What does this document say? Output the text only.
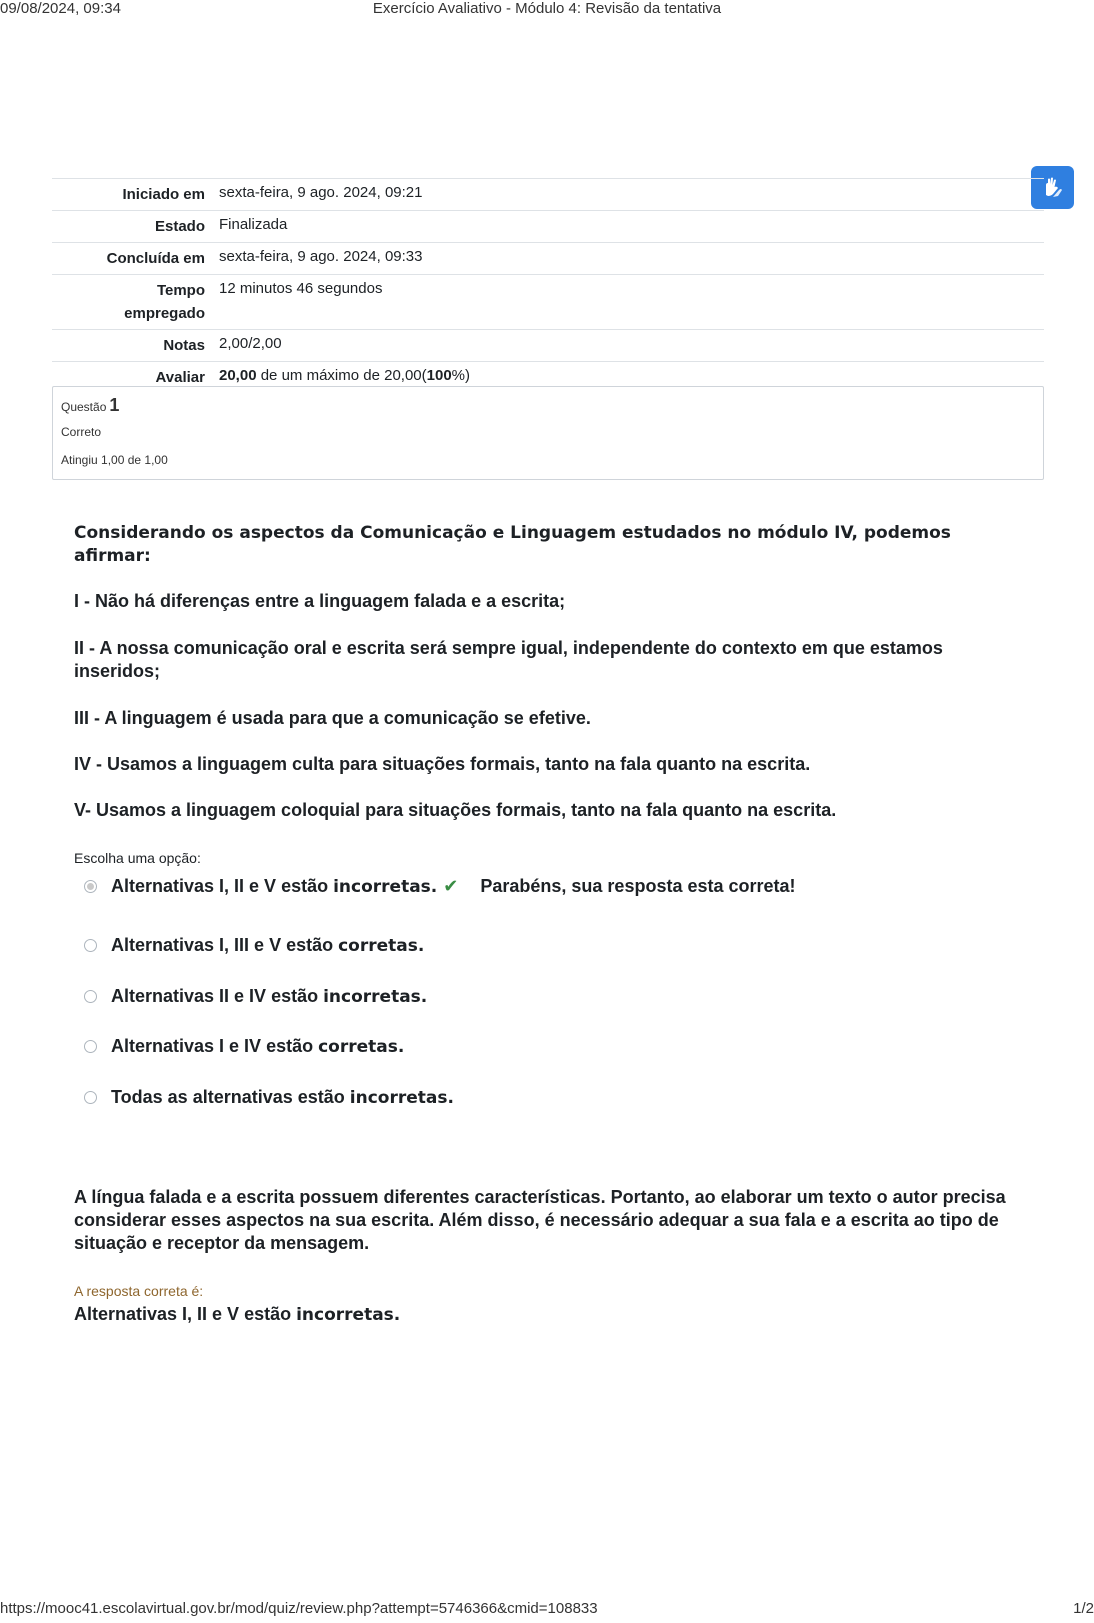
09/08/2024, 09:34	Exercício Avaliativo - Módulo 4: Revisão da tentativa
Iniciado em	sexta-feira, 9 ago. 2024, 09:21
Estado	Finalizada
Concluída em	sexta-feira, 9 ago. 2024, 09:33
Tempo
empregado	12 minutos 46 segundos
Notas	2,00/2,00
Avaliar	20,00 de um máximo de 20,00(100%)
Questão 1
Correto
Atingiu 1,00 de 1,00

Considerando os aspectos da Comunicação e Linguagem estudados no módulo IV, podemos afirmar:

I - Não há diferenças entre a linguagem falada e a escrita;
II - A nossa comunicação oral e escrita será sempre igual, independente do contexto em que estamos inseridos;
III - A linguagem é usada para que a comunicação se efetive.
IV - Usamos a linguagem culta para situações formais, tanto na fala quanto na escrita.
V- Usamos a linguagem coloquial para situações formais, tanto na fala quanto na escrita.
Escolha uma opção:
Alternativas I, II e V estão incorretas. ✔ Parabéns, sua resposta esta correta!
Alternativas I, III e V estão corretas.
Alternativas II e IV estão incorretas.
Alternativas I e IV estão corretas.
Todas as alternativas estão incorretas.
A língua falada e a escrita possuem diferentes características. Portanto, ao elaborar um texto o autor precisa considerar esses aspectos na sua escrita. Além disso, é necessário adequar a sua fala e a escrita ao tipo de situação e receptor da mensagem.
A resposta correta é:
Alternativas I, II e V estão incorretas.
https://mooc41.escolavirtual.gov.br/mod/quiz/review.php?attempt=5746366&cmid=108833	1/2
